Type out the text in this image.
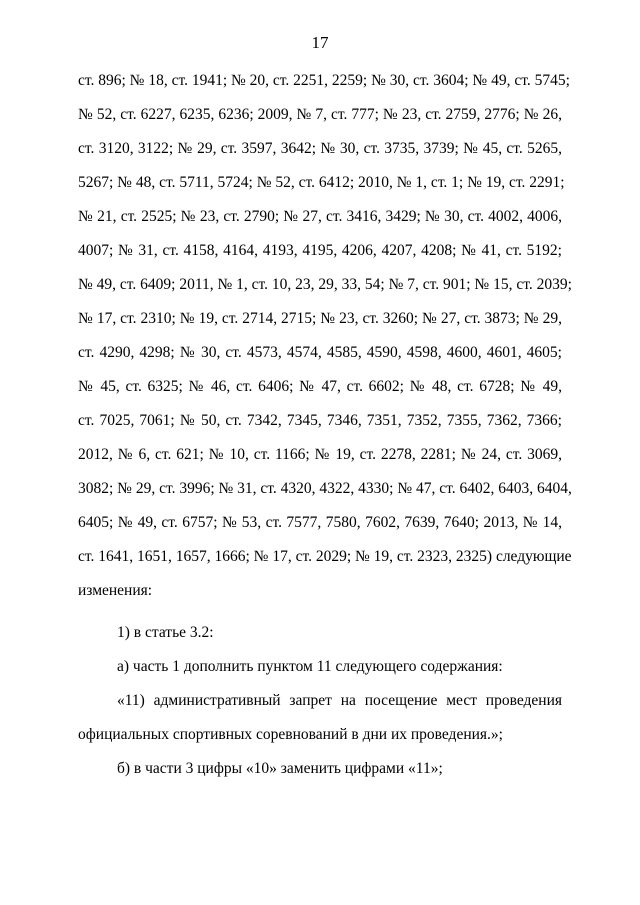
17
ст. 896; № 18, ст. 1941; № 20, ст. 2251, 2259; № 30, ст. 3604; № 49, ст. 5745;
№ 52, ст. 6227, 6235, 6236; 2009, № 7, ст. 777; № 23, ст. 2759, 2776; № 26,
ст. 3120, 3122; № 29, ст. 3597, 3642; № 30, ст. 3735, 3739; № 45, ст. 5265,
5267; № 48, ст. 5711, 5724; № 52, ст. 6412; 2010, № 1, ст. 1; № 19, ст. 2291;
№ 21, ст. 2525; № 23, ст. 2790; № 27, ст. 3416, 3429; № 30, ст. 4002, 4006,
4007; № 31, ст. 4158, 4164, 4193, 4195, 4206, 4207, 4208; № 41, ст. 5192;
№ 49, ст. 6409; 2011, № 1, ст. 10, 23, 29, 33, 54; № 7, ст. 901; № 15, ст. 2039;
№ 17, ст. 2310; № 19, ст. 2714, 2715; № 23, ст. 3260; № 27, ст. 3873; № 29,
ст. 4290, 4298; № 30, ст. 4573, 4574, 4585, 4590, 4598, 4600, 4601, 4605;
№ 45, ст. 6325; № 46, ст. 6406; № 47, ст. 6602; № 48, ст. 6728; № 49,
ст. 7025, 7061; № 50, ст. 7342, 7345, 7346, 7351, 7352, 7355, 7362, 7366;
2012, № 6, ст. 621; № 10, ст. 1166; № 19, ст. 2278, 2281; № 24, ст. 3069,
3082; № 29, ст. 3996; № 31, ст. 4320, 4322, 4330; № 47, ст. 6402, 6403, 6404,
6405; № 49, ст. 6757; № 53, ст. 7577, 7580, 7602, 7639, 7640; 2013, № 14,
ст. 1641, 1651, 1657, 1666; № 17, ст. 2029; № 19, ст. 2323, 2325) следующие
изменения:
1) в статье 3.2:
а) часть 1 дополнить пунктом 11 следующего содержания:
«11) административный запрет на посещение мест проведения
официальных спортивных соревнований в дни их проведения.»;
б) в части 3 цифры «10» заменить цифрами «11»;
